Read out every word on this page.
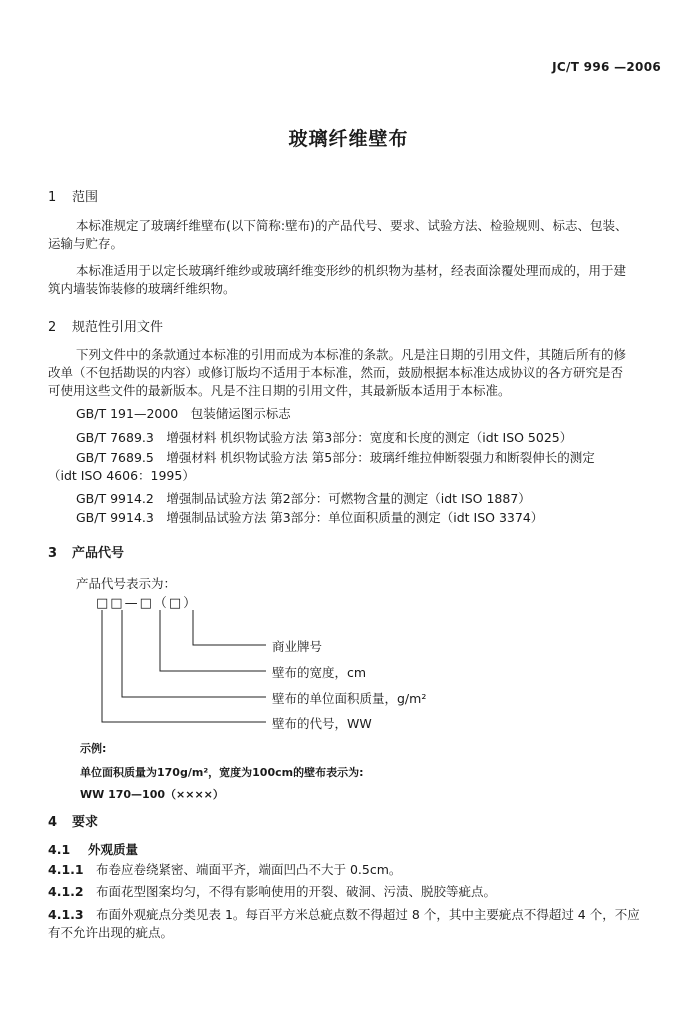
JC/T 996 —2006
玻璃纤维壁布
1 范围
本标准规定了玻璃纤维壁布(以下简称:壁布)的产品代号、要求、试验方法、检验规则、标志、包装、
运输与贮存。
本标准适用于以定长玻璃纤维纱或玻璃纤维变形纱的机织物为基材，经表面涂覆处理而成的，用于建
筑内墙装饰装修的玻璃纤维织物。
2 规范性引用文件
下列文件中的条款通过本标准的引用而成为本标准的条款。凡是注日期的引用文件，其随后所有的修
改单（不包括勘误的内容）或修订版均不适用于本标准，然而，鼓励根据本标准达成协议的各方研究是否
可使用这些文件的最新版本。凡是不注日期的引用文件，其最新版本适用于本标准。
GB/T 191—2000　包装储运图示标志
GB/T 7689.3　增强材料 机织物试验方法 第3部分：宽度和长度的测定（idt ISO 5025）
GB/T 7689.5　增强材料 机织物试验方法 第5部分：玻璃纤维拉伸断裂强力和断裂伸长的测定
（idt ISO 4606：1995）
GB/T 9914.2　增强制品试验方法 第2部分：可燃物含量的测定（idt ISO 1887）
GB/T 9914.3　增强制品试验方法 第3部分：单位面积质量的测定（idt ISO 3374）
3 产品代号
产品代号表示为：
□□—□（□）
商业牌号
壁布的宽度，cm
壁布的单位面积质量，g/m²
壁布的代号，WW
示例:
单位面积质量为170g/m²，宽度为100cm的壁布表示为:
WW 170—100（××××）
4 要求
4.1 外观质量
4.1.1 布卷应卷绕紧密、端面平齐，端面凹凸不大于 0.5cm。
4.1.2 布面花型图案均匀，不得有影响使用的开裂、破洞、污渍、脱胶等疵点。
4.1.3 布面外观疵点分类见表 1。每百平方米总疵点数不得超过 8 个，其中主要疵点不得超过 4 个，不应
有不允许出现的疵点。
